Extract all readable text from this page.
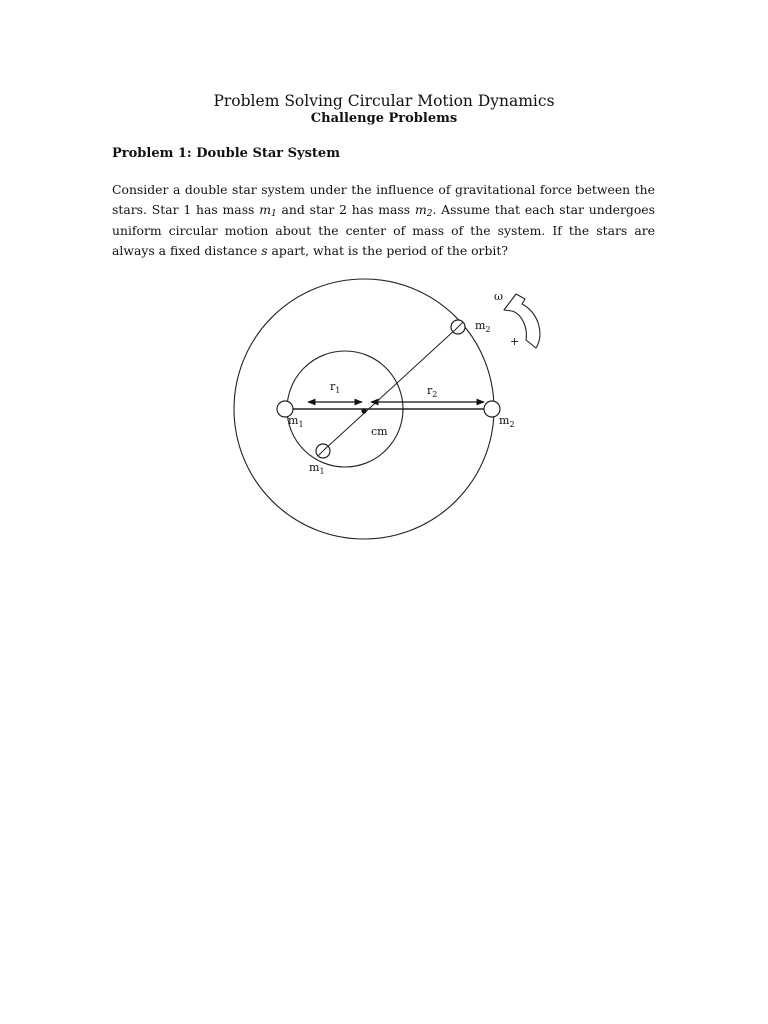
Problem Solving Circular Motion Dynamics
Challenge Problems
Problem 1: Double Star System

Consider a double star system under the influence of gravitational force between the stars. Star 1 has mass $m_1$ and star 2 has mass $m_2$. Assume that each star undergoes uniform circular motion about the center of mass of the system. If the stars are always a fixed distance s apart, what is the period of the orbit?

ω
+
$m_2$
$m_2$
$m_1$
$m_1$
$r_1$	$r_2$
cm
